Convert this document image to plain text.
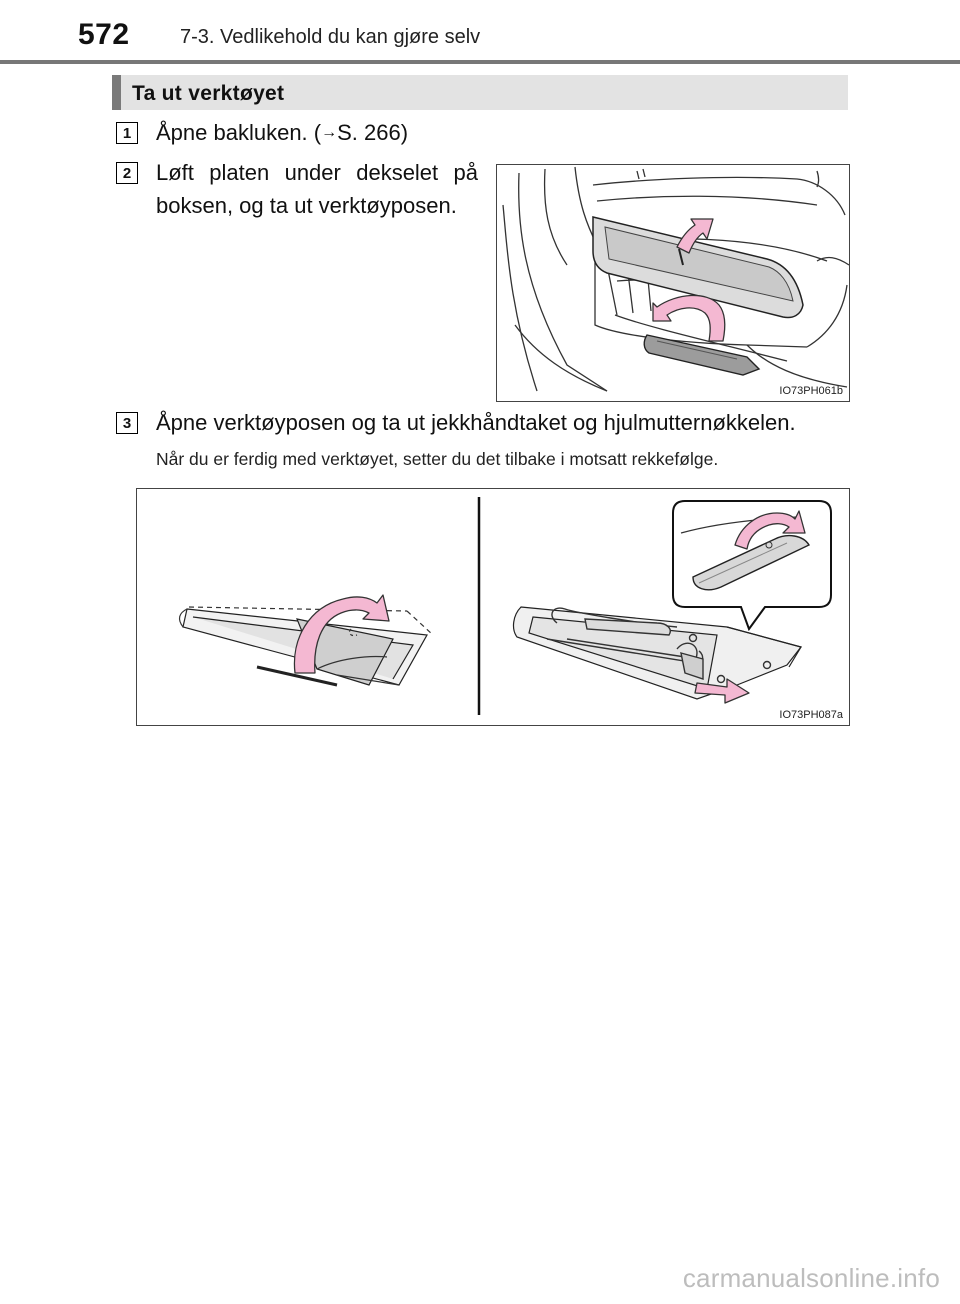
572	7-3. Vedlikehold du kan gjøre selv
Ta ut verktøyet
1	Åpne bakluken. (→S. 266)
2	Løft platen under dekselet på
boksen, og ta ut verktøyposen.
IO73PH061b
3	Åpne verktøyposen og ta ut jekkhåndtaket og hjulmutternøkkelen.
Når du er ferdig med verktøyet, setter du det tilbake i motsatt rekkefølge.
IO73PH087a
carmanualsonline.info
